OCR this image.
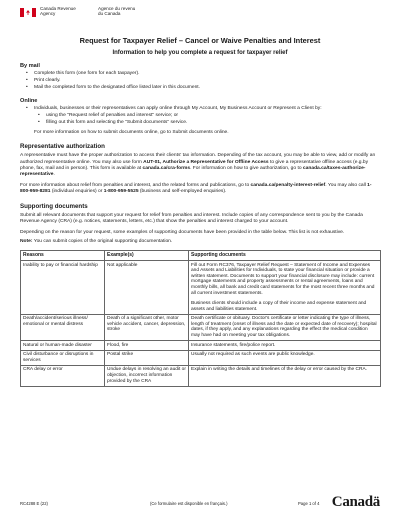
Canada Revenue
Agency
Agence du revenu
du Canada
Request for Taxpayer Relief – Cancel or Waive Penalties and Interest
Information to help you complete a request for taxpayer relief
By mail
• Complete this form (one form for each taxpayer).
• Print clearly.
• Mail the completed form to the designated office listed later in this document.
Online
• Individuals, businesses or their representatives can apply online through My Account, My Business Account or Represent a Client by:
• using the "Request relief of penalties and interest" service; or
• filling out this form and selecting the "Submit documents" service.

For more information on how to submit documents online, go to Submit documents online.

Representative authorization

A representative must have the proper authorization to access their clients' tax information. Depending of the tax account, you may be able to view, add or modify an authorized representative online. You may also use form AUT-01, Authorize a Representative for Offline Access to give a representative offline access (e.g.by phone, fax, mail and in person). This form is available at canada.ca/cra-forms. For information on how to give authorization, go to canada.ca/taxes-authorize-representative.

For more information about relief from penalties and interest, and the related forms and publications, go to canada.ca/penalty-interest-relief. You may also call 1-800-959-8281 (individual enquiries) or 1-800-959-5525 (business and self-employed enquiries).

Supporting documents

Submit all relevant documents that support your request for relief from penalties and interest. Include copies of any correspondence sent to you by the Canada Revenue Agency (CRA) (e.g. notices, statements, letters, etc.) that show the penalties and interest charged to your account.

Depending on the reason for your request, some examples of supporting documents have been provided in the table below. This list is not exhaustive.

Note: You can submit copies of the original supporting documentation.

Reasons	Example(s)	Supporting documents
Inability to pay or financial hardship	Not applicable	Fill out Form RC376, Taxpayer Relief Request – Statement of Income and Expenses and Assets and Liabilities for Individuals, to state your financial situation or provide a written statement. Documents to support your financial disclosure may include: current mortgage statements and property assessments or rental agreements, loans and monthly bills, all bank and credit card statements for the most recent three months and all current investment statements.
Business clients should include a copy of their income and expense statement and assets and liabilities statement.

Death/accident/serious illness/ emotional or mental distress	Death of a significant other, motor vehicle accident, cancer, depression, stroke	Death certificate or obituary. Doctor's certificate or letter indicating the type of illness, length of treatment (onset of illness and the date or expected date of recovery); hospital dates, if they apply, and any explanations regarding the effect the medical condition may have had on meeting your tax obligations.
Natural or human-made disaster	Flood, fire	Insurance statements, fire/police report.
Civil disturbance or disruptions in services	Postal strike	Usually not required as such events are public knowledge.
CRA delay or error	Undue delays in resolving an audit or objection, incorrect information provided by the CRA	Explain in writing the details and timelines of the delay or error caused by the CRA.
RC4288 E (22)	(Ce formulaire est disponible en français.)	Page 1 of 4 Canadä
